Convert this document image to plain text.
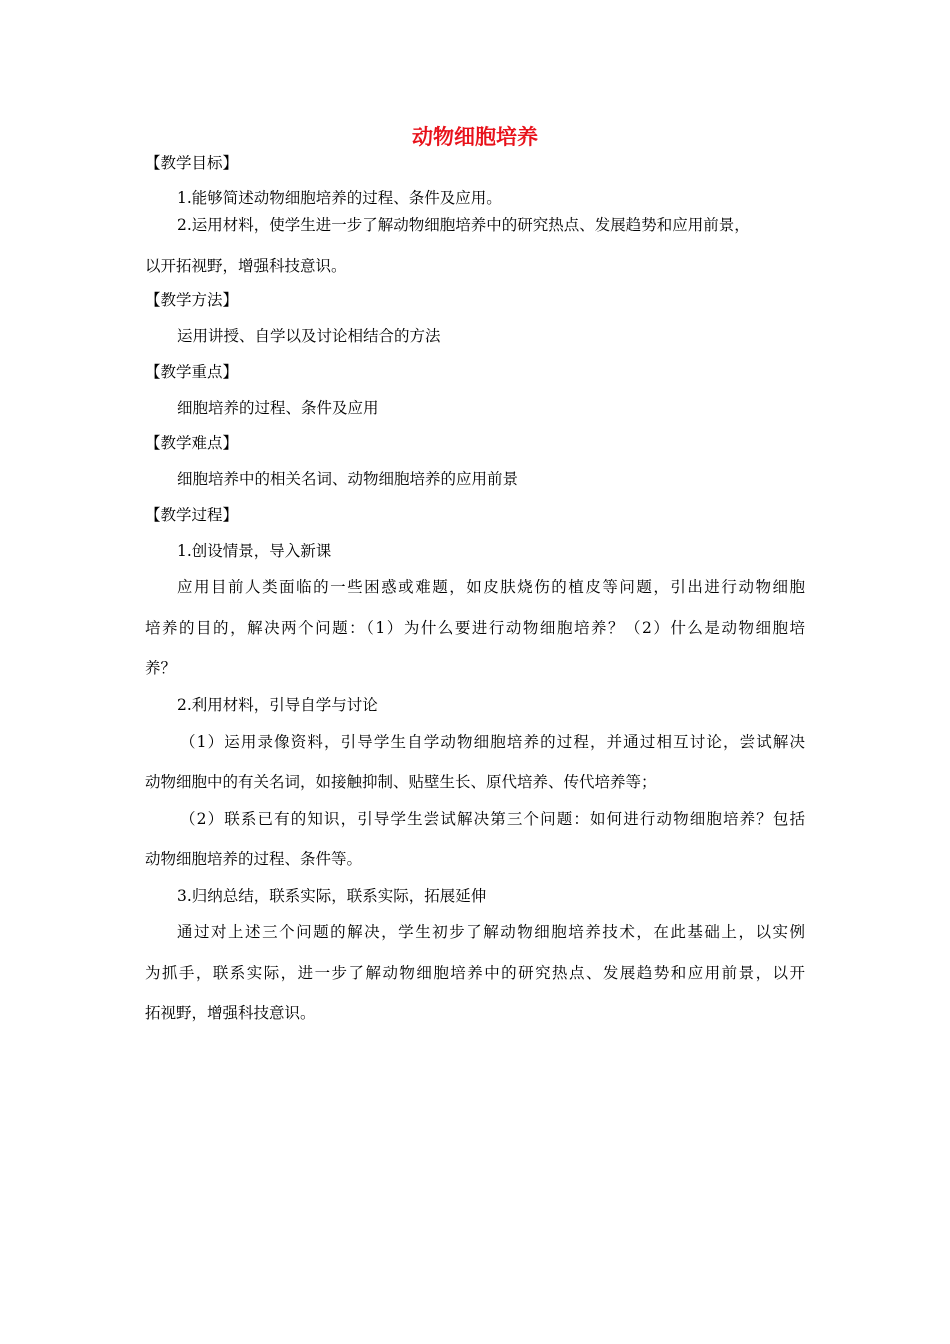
动物细胞培养
【教学目标】
1.能够简述动物细胞培养的过程、条件及应用。
2.运用材料，使学生进一步了解动物细胞培养中的研究热点、发展趋势和应用前景，
以开拓视野，增强科技意识。
【教学方法】
运用讲授、自学以及讨论相结合的方法
【教学重点】
细胞培养的过程、条件及应用
【教学难点】
细胞培养中的相关名词、动物细胞培养的应用前景
【教学过程】
1.创设情景，导入新课
应用目前人类面临的一些困惑或难题，如皮肤烧伤的植皮等问题，引出进行动物细胞
培养的目的，解决两个问题：（1）为什么要进行动物细胞培养？（2）什么是动物细胞培
养？
2.利用材料，引导自学与讨论
（1）运用录像资料，引导学生自学动物细胞培养的过程，并通过相互讨论，尝试解决
动物细胞中的有关名词，如接触抑制、贴壁生长、原代培养、传代培养等；
（2）联系已有的知识，引导学生尝试解决第三个问题：如何进行动物细胞培养？包括
动物细胞培养的过程、条件等。
3.归纳总结，联系实际，联系实际，拓展延伸
通过对上述三个问题的解决，学生初步了解动物细胞培养技术，在此基础上，以实例
为抓手，联系实际，进一步了解动物细胞培养中的研究热点、发展趋势和应用前景，以开
拓视野，增强科技意识。
